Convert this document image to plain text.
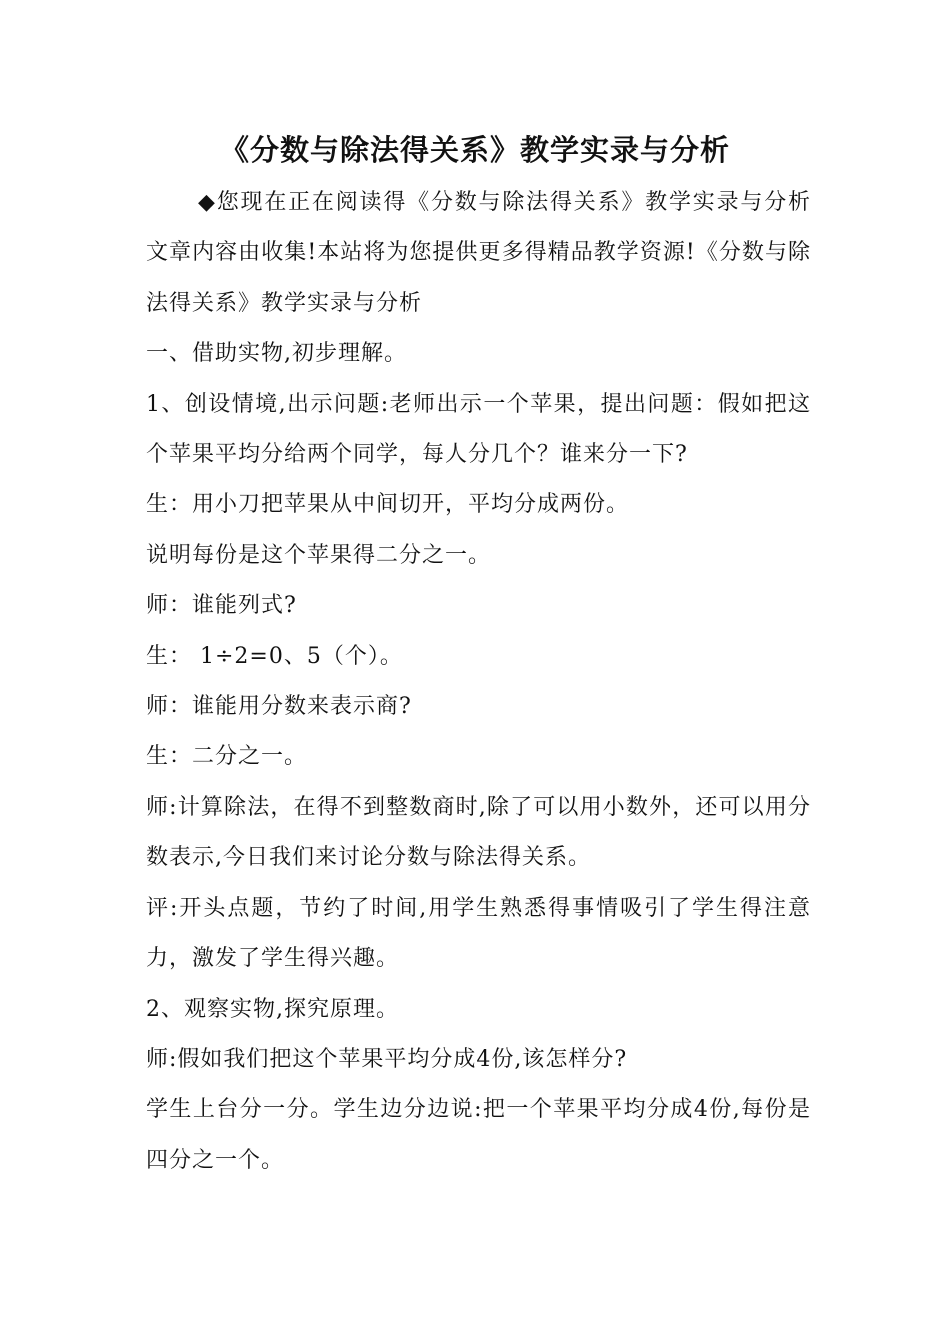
《分数与除法得关系》教学实录与分析

◆您现在正在阅读得《分数与除法得关系》教学实录与分析文章内容由收集!本站将为您提供更多得精品教学资源!《分数与除法得关系》教学实录与分析

一、借助实物,初步理解。

1、创设情境,出示问题:老师出示一个苹果，提出问题：假如把这个苹果平均分给两个同学，每人分几个？谁来分一下?

生：用小刀把苹果从中间切开，平均分成两份。

说明每份是这个苹果得二分之一。

师：谁能列式?

生： 1÷2=0、5（个）。

师：谁能用分数来表示商?

生：二分之一。

师:计算除法，在得不到整数商时,除了可以用小数外，还可以用分数表示,今日我们来讨论分数与除法得关系。

评:开头点题，节约了时间,用学生熟悉得事情吸引了学生得注意力，激发了学生得兴趣。

2、观察实物,探究原理。

师:假如我们把这个苹果平均分成4份,该怎样分?

学生上台分一分。学生边分边说:把一个苹果平均分成4份,每份是四分之一个。
